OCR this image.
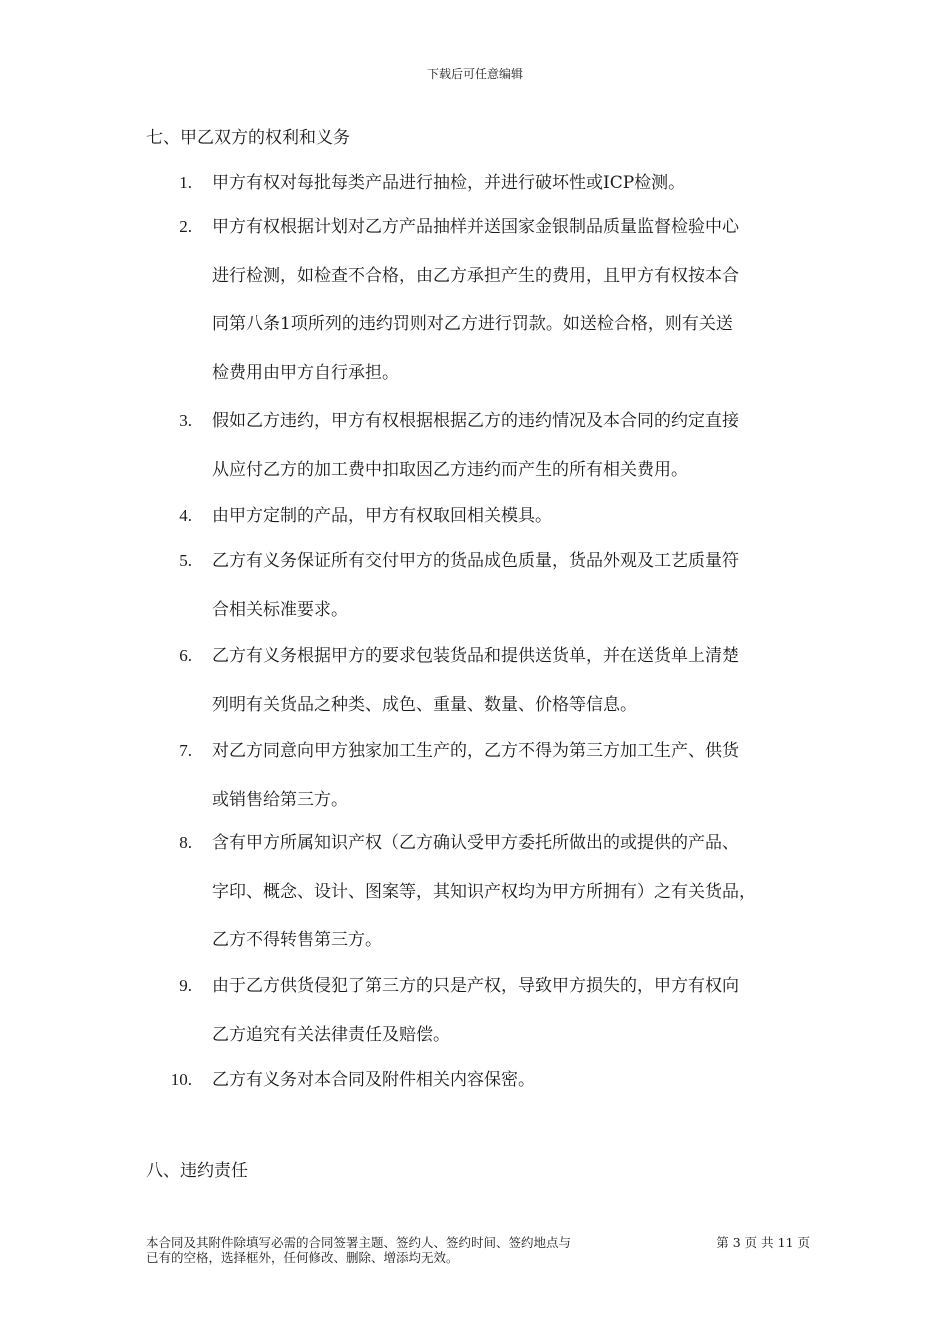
下载后可任意编辑
七、甲乙双方的权利和义务
1. 甲方有权对每批每类产品进行抽检，并进行破坏性或ICP检测。
2. 甲方有权根据计划对乙方产品抽样并送国家金银制品质量监督检验中心
进行检测，如检查不合格，由乙方承担产生的费用，且甲方有权按本合
同第八条1项所列的违约罚则对乙方进行罚款。如送检合格，则有关送
检费用由甲方自行承担。
3. 假如乙方违约，甲方有权根据根据乙方的违约情况及本合同的约定直接
从应付乙方的加工费中扣取因乙方违约而产生的所有相关费用。
4. 由甲方定制的产品，甲方有权取回相关模具。
5. 乙方有义务保证所有交付甲方的货品成色质量，货品外观及工艺质量符
合相关标准要求。
6. 乙方有义务根据甲方的要求包装货品和提供送货单，并在送货单上清楚
列明有关货品之种类、成色、重量、数量、价格等信息。
7. 对乙方同意向甲方独家加工生产的，乙方不得为第三方加工生产、供货
或销售给第三方。
8. 含有甲方所属知识产权（乙方确认受甲方委托所做出的或提供的产品、
字印、概念、设计、图案等，其知识产权均为甲方所拥有）之有关货品，
乙方不得转售第三方。
9. 由于乙方供货侵犯了第三方的只是产权，导致甲方损失的，甲方有权向
乙方追究有关法律责任及赔偿。
10. 乙方有义务对本合同及附件相关内容保密。
八、违约责任
本合同及其附件除填写必需的合同签署主题、签约人、签约时间、签约地点与
已有的空格，选择框外，任何修改、删除、增添均无效。
第 3 页 共 11 页
